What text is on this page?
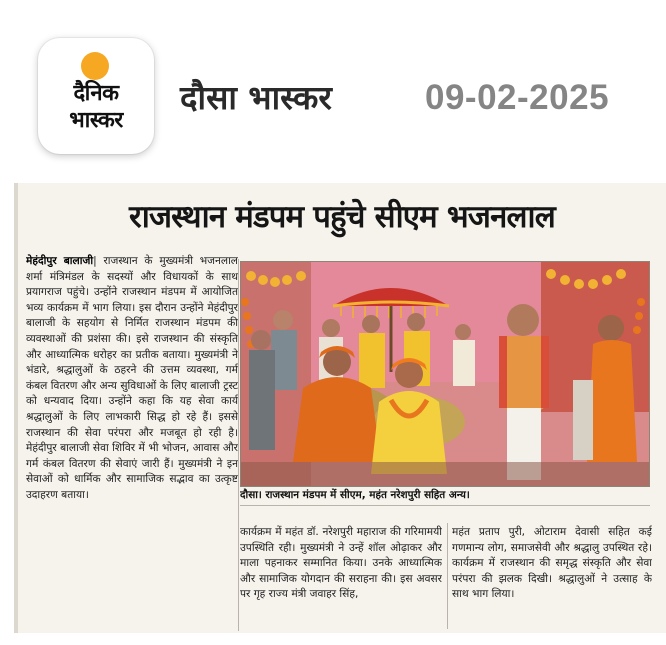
दैनिक
भास्कर
दौसा भास्कर	09-02-2025
राजस्थान मंडपम पहुंचे सीएम भजनलाल

मेहंदीपुर बालाजी| राजस्थान के मुख्यमंत्री भजनलाल शर्मा मंत्रिमंडल के सदस्यों और विधायकों के साथ प्रयागराज पहुंचे। उन्होंने राजस्थान मंडपम में आयोजित भव्य कार्यक्रम में भाग लिया। इस दौरान उन्होंने मेहंदीपुर बालाजी के सहयोग से निर्मित राजस्थान मंडपम की व्यवस्थाओं की प्रशंसा की। इसे राजस्थान की संस्कृति और आध्यात्मिक धरोहर का प्रतीक बताया। मुख्यमंत्री ने भंडारे, श्रद्धालुओं के ठहरने की उत्तम व्यवस्था, गर्म कंबल वितरण और अन्य सुविधाओं के लिए बालाजी ट्रस्ट को धन्यवाद दिया। उन्होंने कहा कि यह सेवा कार्य श्रद्धालुओं के लिए लाभकारी सिद्ध हो रहे हैं। इससे राजस्थान की सेवा परंपरा और मजबूत हो रही है। मेहंदीपुर बालाजी सेवा शिविर में भी भोजन, आवास और गर्म कंबल वितरण की सेवाएं जारी हैं। मुख्यमंत्री ने इन सेवाओं को धार्मिक और सामाजिक सद्भाव का उत्कृष्ट उदाहरण बताया।	दौसा। राजस्थान मंडपम में सीएम, महंत नरेशपुरी सहित अन्य।

कार्यक्रम में महंत डॉ. नरेशपुरी महाराज की गरिमामयी उपस्थिति रही। मुख्यमंत्री ने उन्हें शॉल ओढ़ाकर और माला पहनाकर सम्मानित किया। उनके आध्यात्मिक और सामाजिक योगदान की सराहना की। इस अवसर पर गृह राज्य मंत्री जवाहर सिंह,

महंत प्रताप पुरी, ओटाराम देवासी सहित कई गणमान्य लोग, समाजसेवी और श्रद्धालु उपस्थित रहे। कार्यक्रम में राजस्थान की समृद्ध संस्कृति और सेवा परंपरा की झलक दिखी। श्रद्धालुओं ने उत्साह के साथ भाग लिया।
